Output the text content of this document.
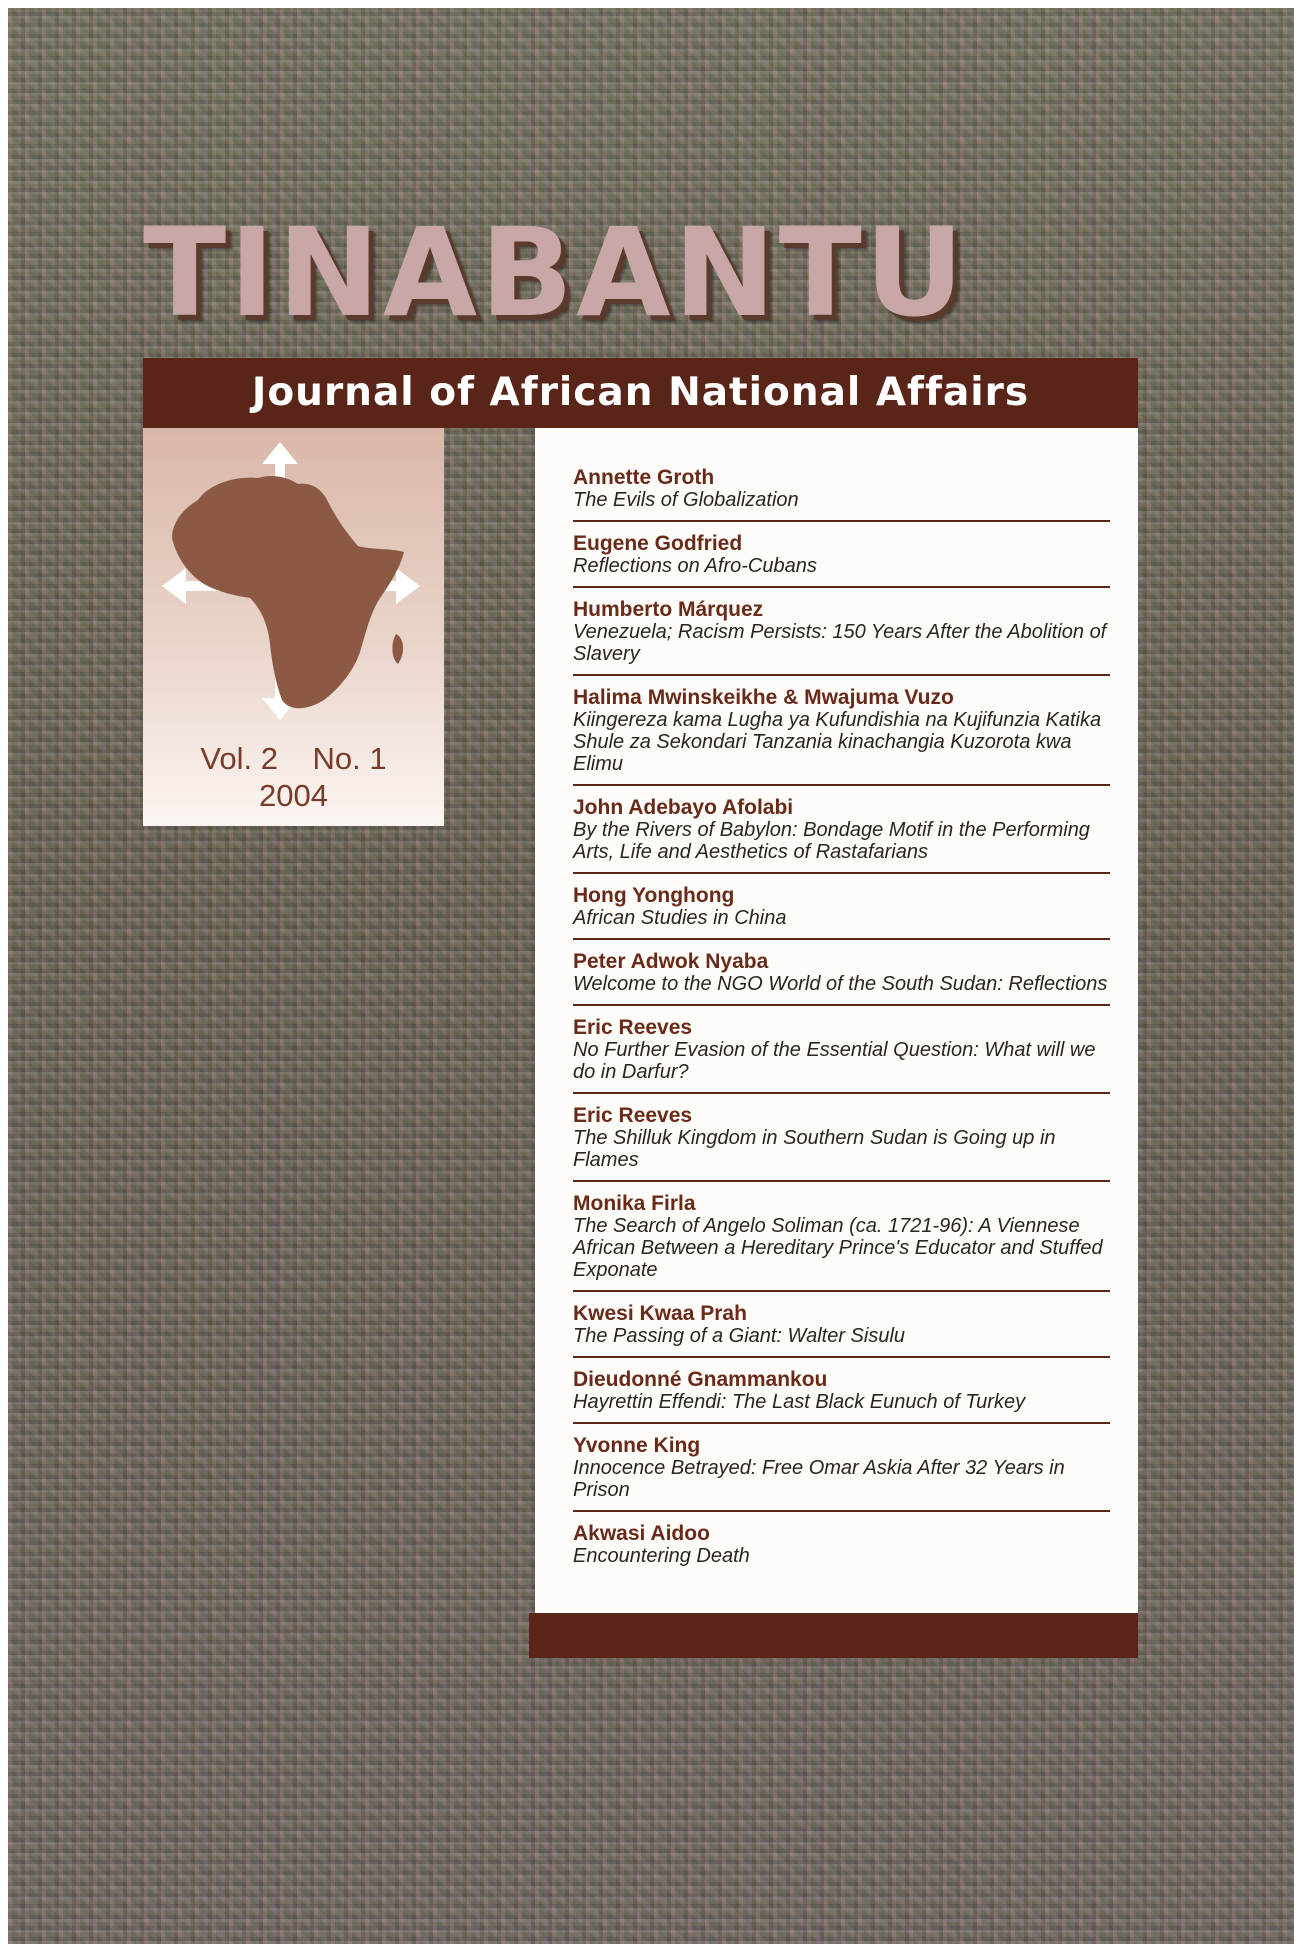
TINABANTU
Journal of African National Affairs
Vol. 2 No. 1
2004
Annette Groth
The Evils of Globalization
Eugene Godfried
Reflections on Afro-Cubans
Humberto Márquez
Venezuela; Racism Persists: 150 Years After the Abolition of Slavery
Halima Mwinskeikhe & Mwajuma Vuzo
Kiingereza kama Lugha ya Kufundishia na Kujifunzia Katika Shule za Sekondari Tanzania kinachangia Kuzorota kwa Elimu
John Adebayo Afolabi
By the Rivers of Babylon: Bondage Motif in the Performing Arts, Life and Aesthetics of Rastafarians
Hong Yonghong
African Studies in China
Peter Adwok Nyaba
Welcome to the NGO World of the South Sudan: Reflections
Eric Reeves
No Further Evasion of the Essential Question: What will we do in Darfur?
Eric Reeves
The Shilluk Kingdom in Southern Sudan is Going up in Flames
Monika Firla
The Search of Angelo Soliman (ca. 1721-96): A Viennese African Between a Hereditary Prince's Educator and Stuffed Exponate
Kwesi Kwaa Prah
The Passing of a Giant: Walter Sisulu
Dieudonné Gnammankou
Hayrettin Effendi: The Last Black Eunuch of Turkey
Yvonne King
Innocence Betrayed: Free Omar Askia After 32 Years in Prison
Akwasi Aidoo
Encountering Death
